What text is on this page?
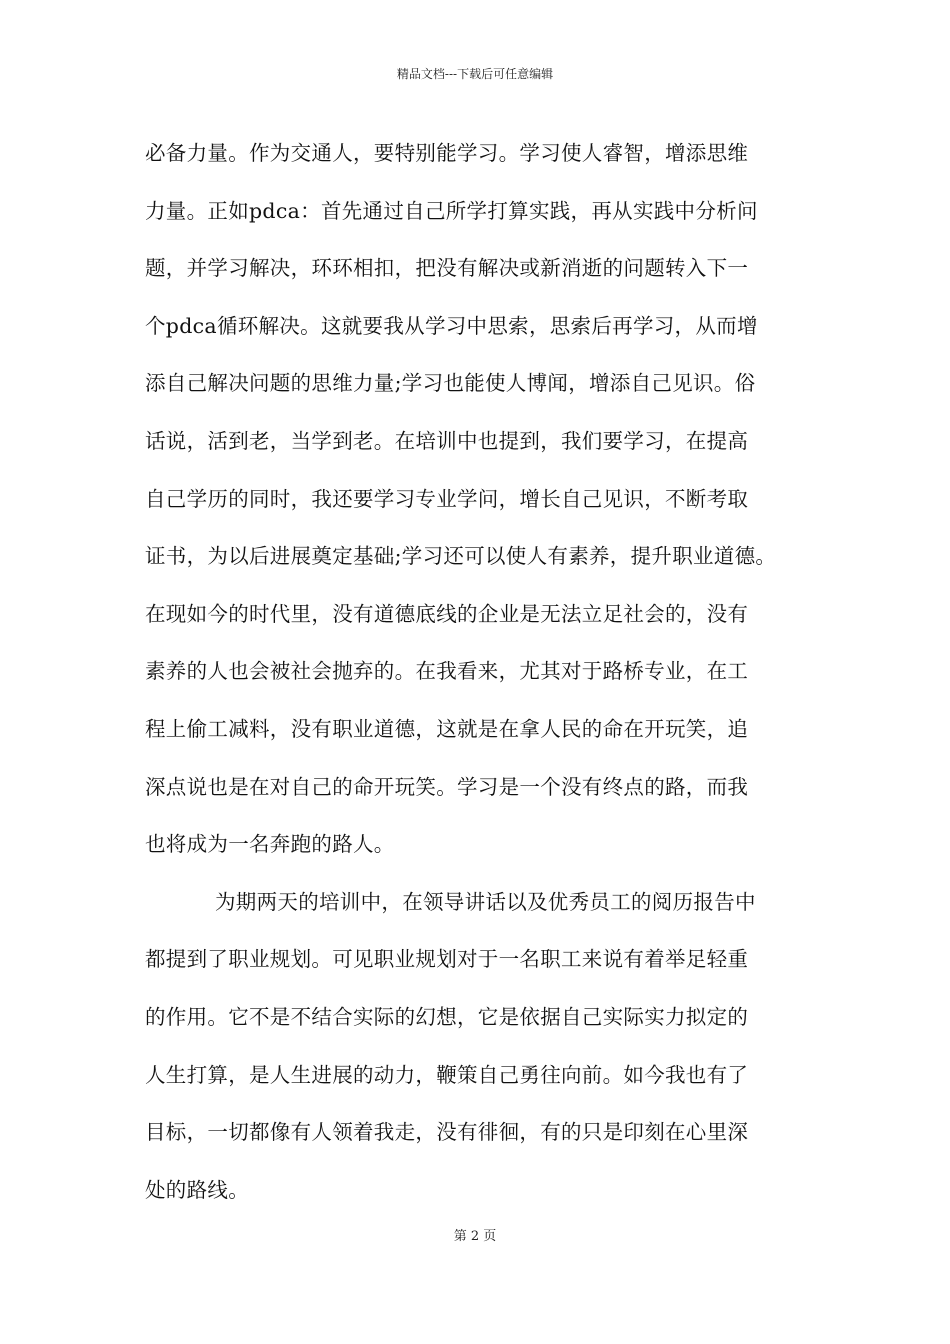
精品文档---下载后可任意编辑
必备力量。作为交通人，要特别能学习。学习使人睿智，增添思维
力量。正如pdca：首先通过自己所学打算实践，再从实践中分析问
题，并学习解决，环环相扣，把没有解决或新消逝的问题转入下一
个pdca循环解决。这就要我从学习中思索，思索后再学习，从而增
添自己解决问题的思维力量;学习也能使人博闻，增添自己见识。俗
话说，活到老，当学到老。在培训中也提到，我们要学习，在提高
自己学历的同时，我还要学习专业学问，增长自己见识，不断考取
证书，为以后进展奠定基础;学习还可以使人有素养，提升职业道德。
在现如今的时代里，没有道德底线的企业是无法立足社会的，没有
素养的人也会被社会抛弃的。在我看来，尤其对于路桥专业，在工
程上偷工减料，没有职业道德，这就是在拿人民的命在开玩笑，追
深点说也是在对自己的命开玩笑。学习是一个没有终点的路，而我
也将成为一名奔跑的路人。
为期两天的培训中，在领导讲话以及优秀员工的阅历报告中
都提到了职业规划。可见职业规划对于一名职工来说有着举足轻重
的作用。它不是不结合实际的幻想，它是依据自己实际实力拟定的
人生打算，是人生进展的动力，鞭策自己勇往向前。如今我也有了
目标，一切都像有人领着我走，没有徘徊，有的只是印刻在心里深
处的路线。
第 2 页
